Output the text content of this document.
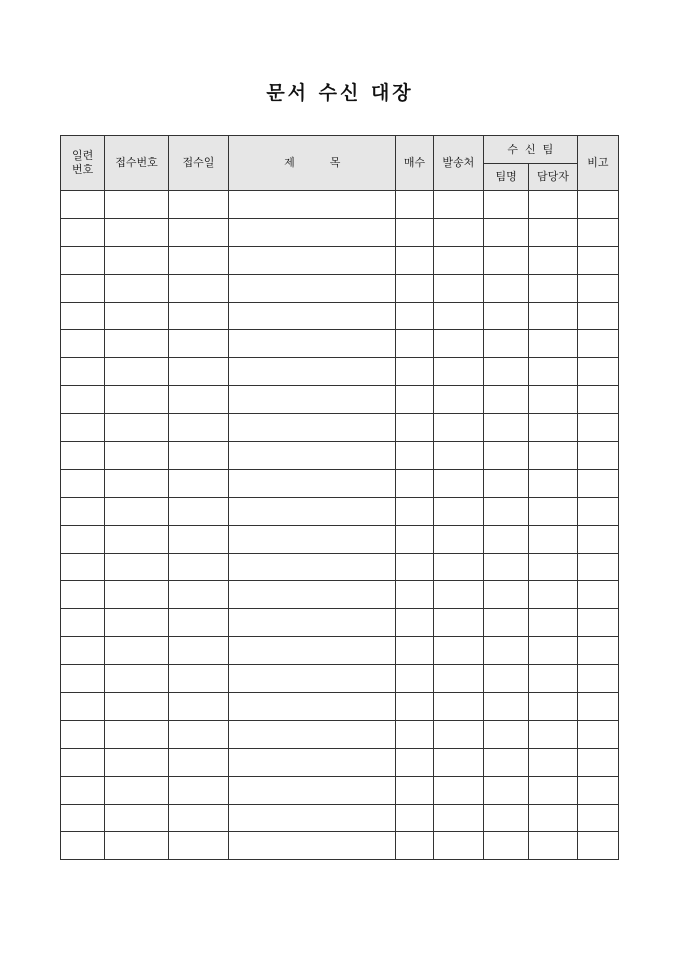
문서 수신 대장
일련
번호	접수번호	접수일	제          목	매수	발송처	수  신  팀		비고
						팀명	담당자	
